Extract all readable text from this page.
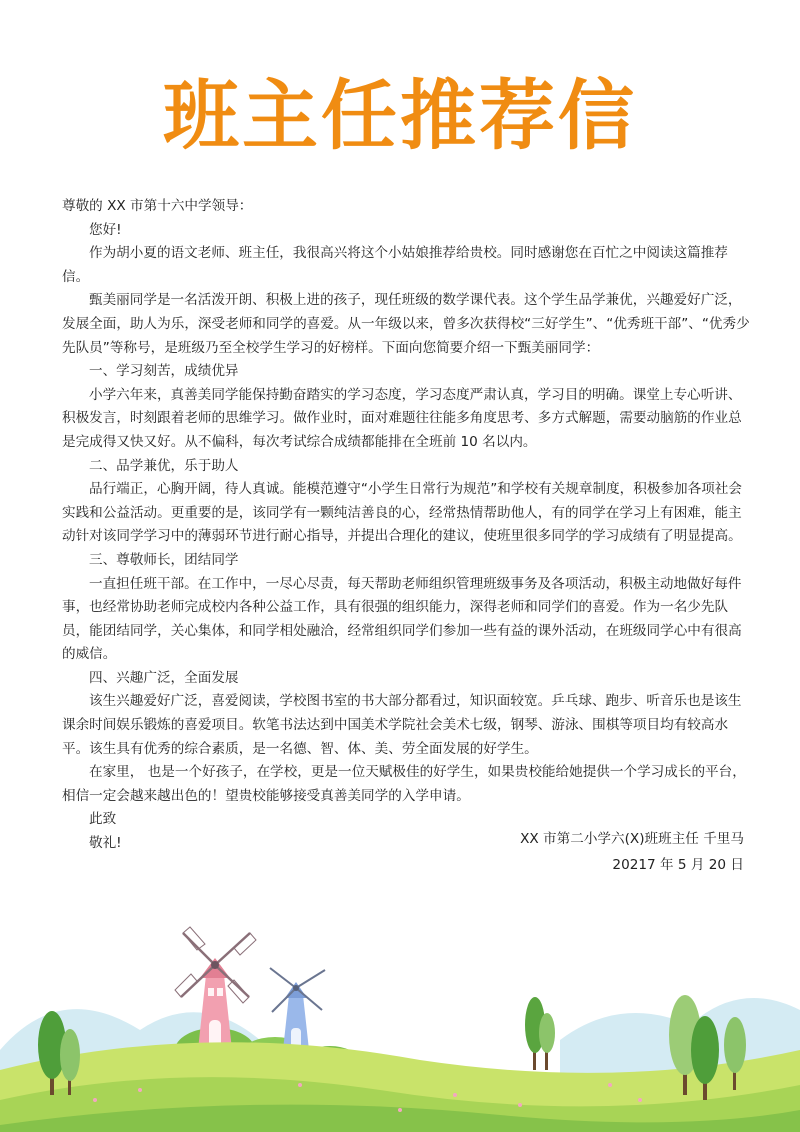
班主任推荐信

尊敬的 XX 市第十六中学领导：

您好!

作为胡小夏的语文老师、班主任，我很高兴将这个小姑娘推荐给贵校。同时感谢您在百忙之中阅读这篇推荐信。

甄美丽同学是一名活泼开朗、积极上进的孩子，现任班级的数学课代表。这个学生品学兼优，兴趣爱好广泛，发展全面，助人为乐，深受老师和同学的喜爱。从一年级以来，曾多次获得校“三好学生”、“优秀班干部”、“优秀少先队员”等称号，是班级乃至全校学生学习的好榜样。下面向您简要介绍一下甄美丽同学：

一、学习刻苦，成绩优异

小学六年来，真善美同学能保持勤奋踏实的学习态度，学习态度严肃认真，学习目的明确。课堂上专心听讲、积极发言，时刻跟着老师的思维学习。做作业时，面对难题往往能多角度思考、多方式解题，需要动脑筋的作业总是完成得又快又好。从不偏科，每次考试综合成绩都能排在全班前 10 名以内。

二、品学兼优，乐于助人

品行端正，心胸开阔，待人真诚。能模范遵守“小学生日常行为规范”和学校有关规章制度，积极参加各项社会实践和公益活动。更重要的是，该同学有一颗纯洁善良的心，经常热情帮助他人，有的同学在学习上有困难，能主动针对该同学学习中的薄弱环节进行耐心指导，并提出合理化的建议，使班里很多同学的学习成绩有了明显提高。

三、尊敬师长，团结同学

一直担任班干部。在工作中，一尽心尽责，每天帮助老师组织管理班级事务及各项活动，积极主动地做好每件事，也经常协助老师完成校内各种公益工作，具有很强的组织能力，深得老师和同学们的喜爱。作为一名少先队员，能团结同学，关心集体，和同学相处融洽，经常组织同学们参加一些有益的课外活动，在班级同学心中有很高的威信。

四、兴趣广泛，全面发展

该生兴趣爱好广泛，喜爱阅读，学校图书室的书大部分都看过，知识面较宽。乒乓球、跑步、听音乐也是该生课余时间娱乐锻炼的喜爱项目。软笔书法达到中国美术学院社会美术七级，钢琴、游泳、围棋等项目均有较高水平。该生具有优秀的综合素质，是一名德、智、体、美、劳全面发展的好学生。

在家里， 也是一个好孩子，在学校，更是一位天赋极佳的好学生，如果贵校能给她提供一个学习成长的平台，相信一定会越来越出色的！望贵校能够接受真善美同学的入学申请。

此致

敬礼!	XX 市第二小学六(X)班班主任 千里马
20217 年 5 月 20 日
